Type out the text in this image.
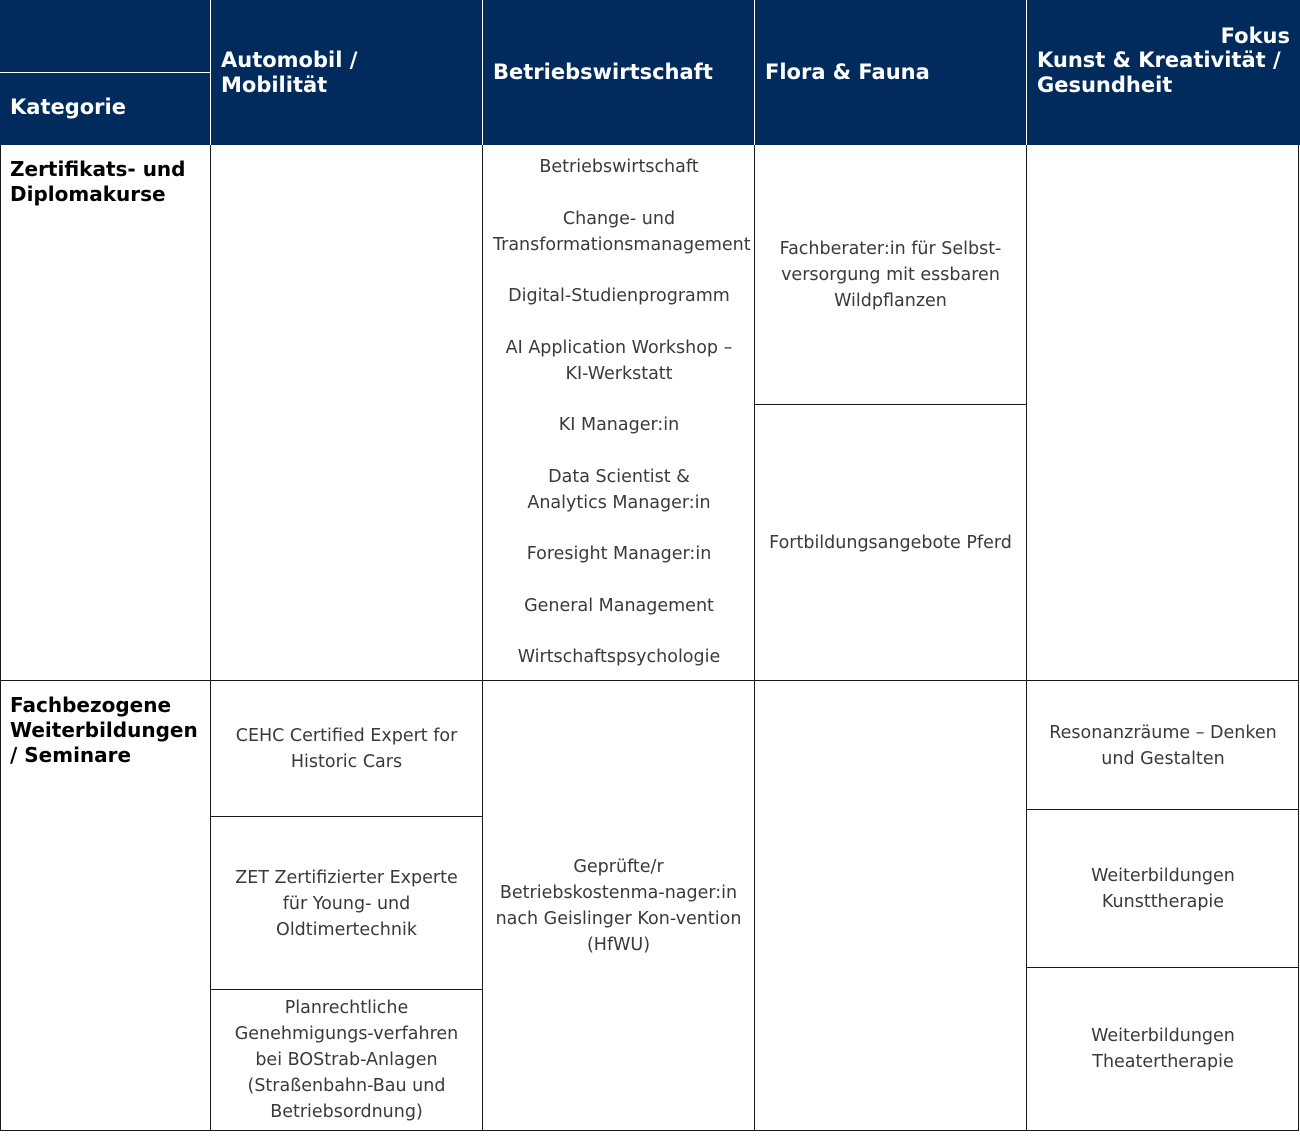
Fokus
Kategorie
Automobil / Mobilität
Betriebswirtschaft	Flora & Fauna
Kunst & Kreativität / Gesundheit
Zertifikats- und Diplomakurse
Fachbezogene Weiterbildungen / Seminare
Betriebswirtschaft
Change- und Transformationsmanagement
Digital-Studienprogramm
AI Application Workshop – KI-Werkstatt
KI Manager:in
Data Scientist & Analytics Manager:in
Foresight Manager:in
General Management
Wirtschaftspsychologie
Fachberater:in für Selbst-versorgung mit essbaren Wildpflanzen
Fortbildungsangebote Pferd
CEHC Certified Expert for Historic Cars
ZET Zertifizierter Experte für Young- und Oldtimertechnik
Planrechtliche Genehmigungs-verfahren bei BOStrab-Anlagen (Straßenbahn-Bau und Betriebsordnung)
Geprüfte/r Betriebskostenma-nager:in nach Geislinger Kon-vention (HfWU)
Resonanzräume – Denken und Gestalten
Weiterbildungen Kunsttherapie
Weiterbildungen Theatertherapie
